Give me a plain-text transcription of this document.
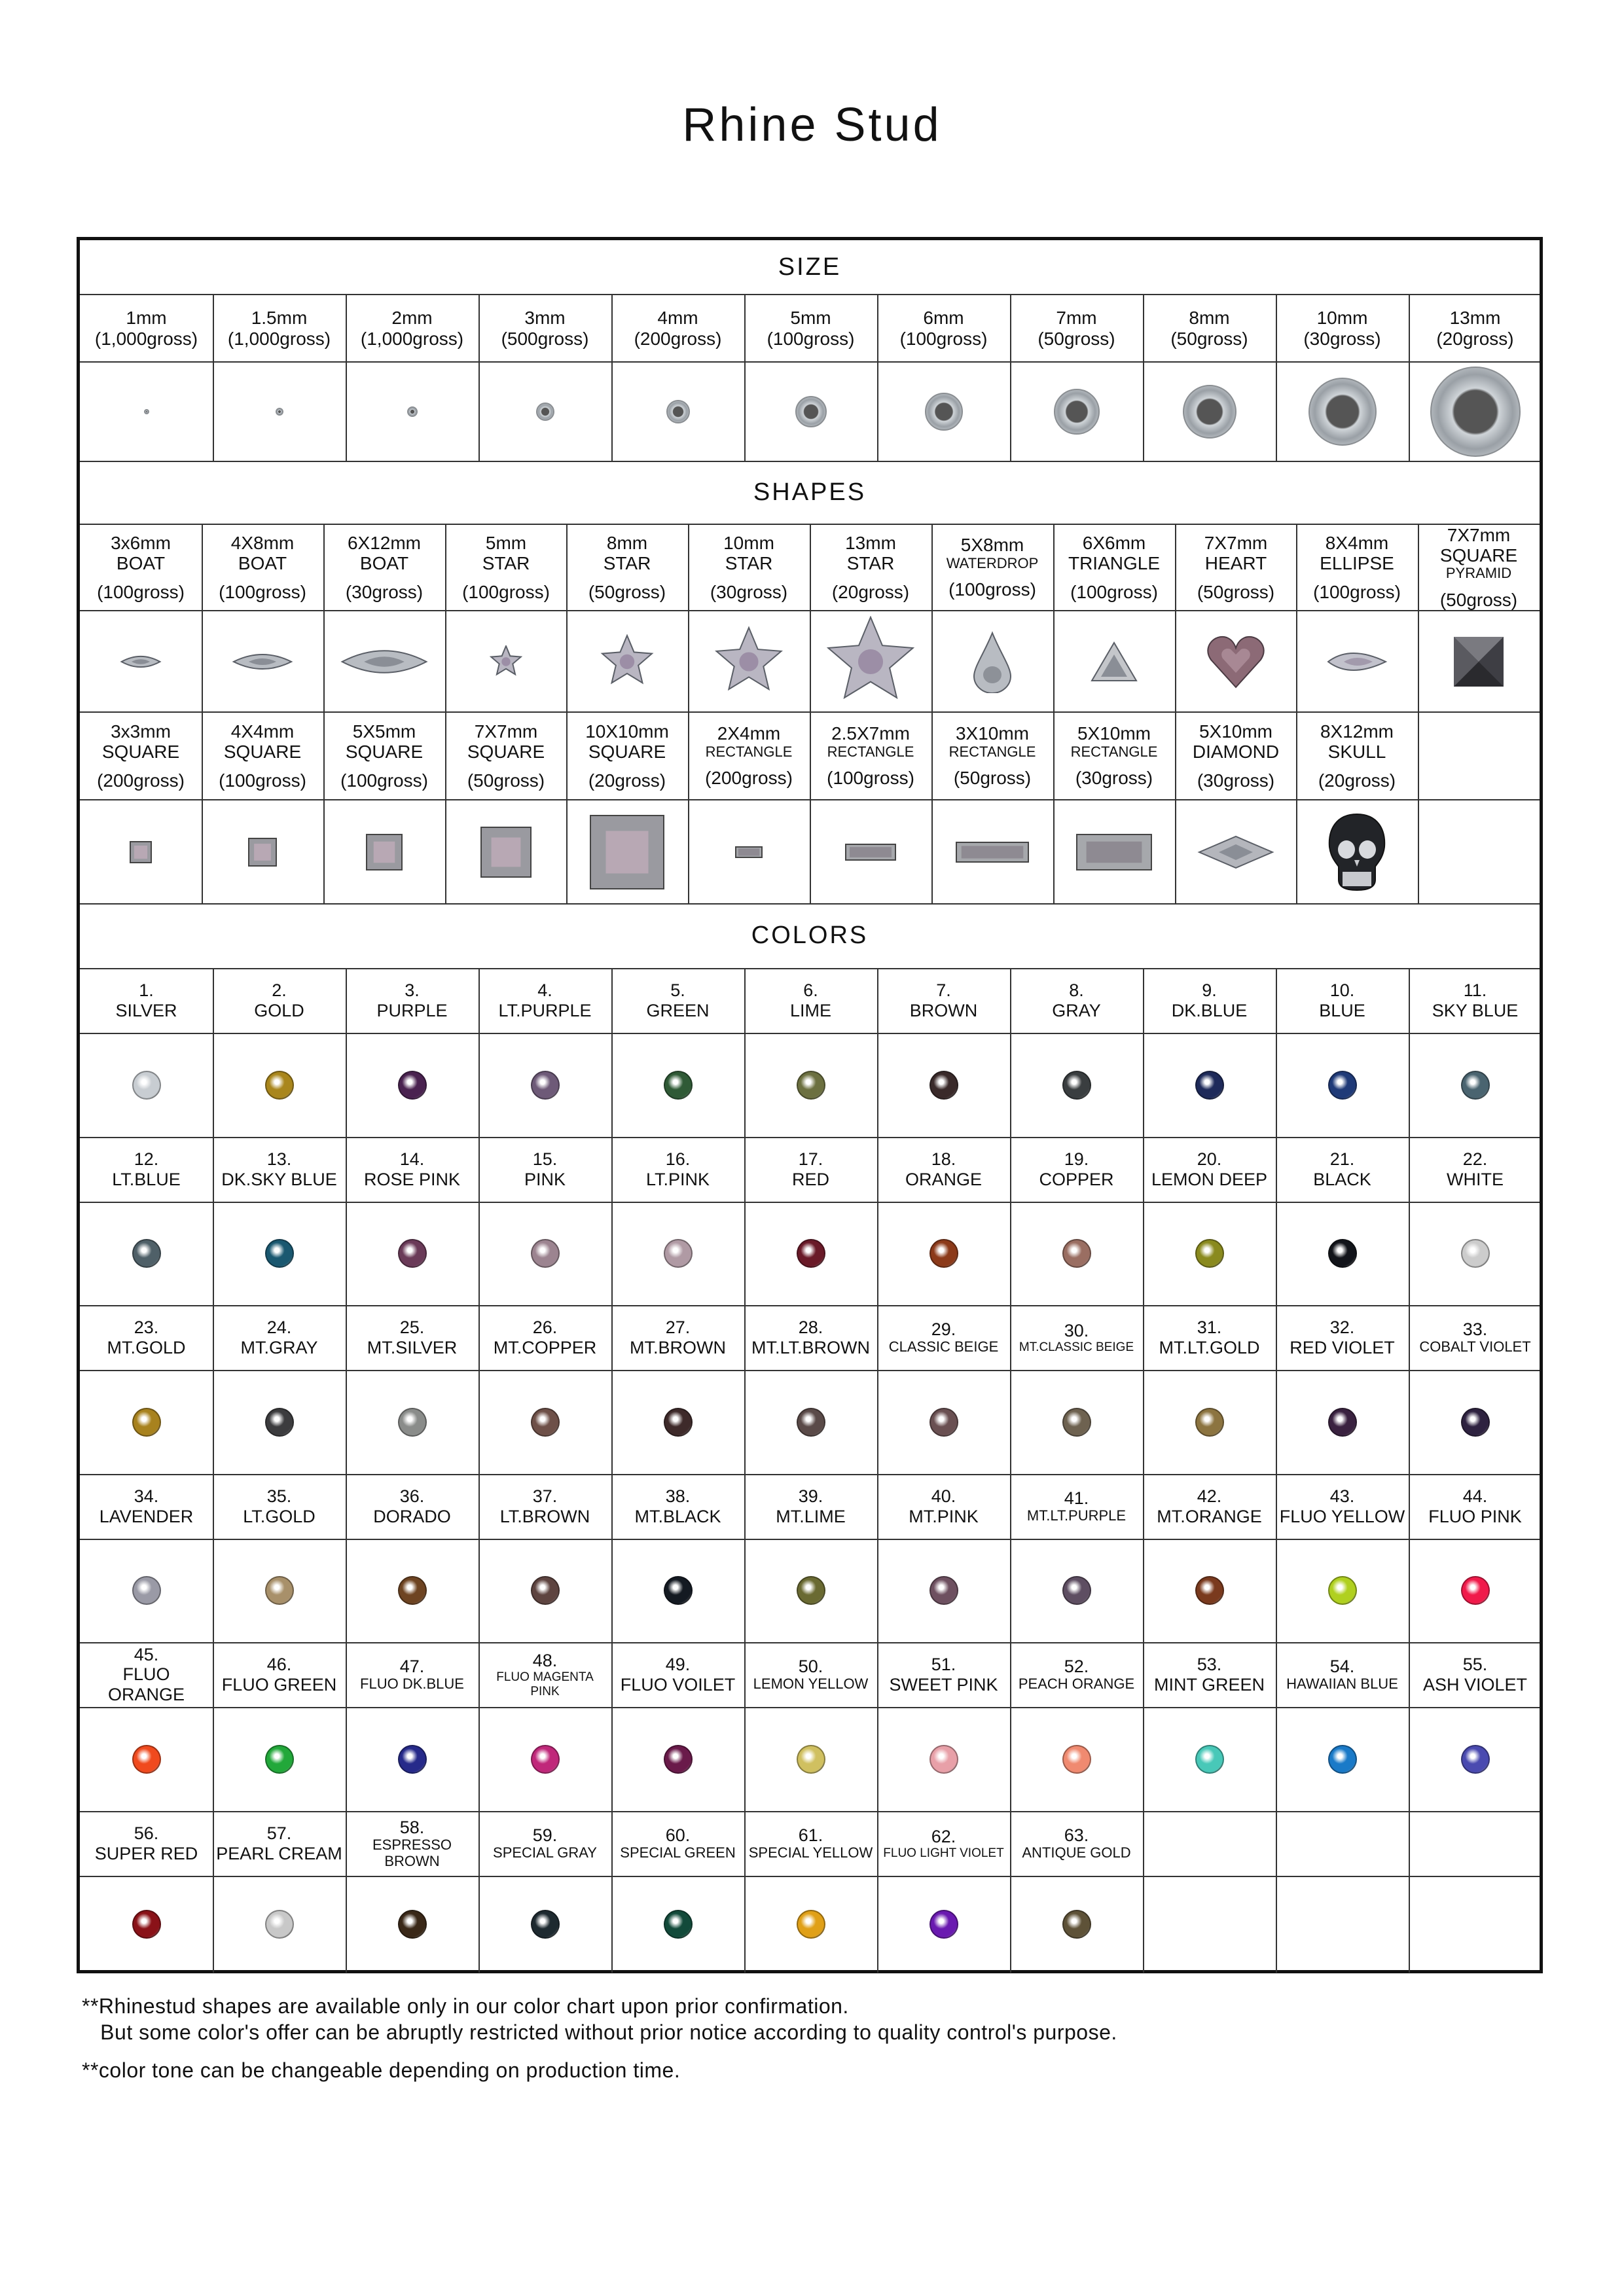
Rhine Stud
SIZE
1mm
(1,000gross)
1.5mm
(1,000gross)
2mm
(1,000gross)
3mm
(500gross)
4mm
(200gross)
5mm
(100gross)
6mm
(100gross)
7mm
(50gross)
8mm
(50gross)
10mm
(30gross)
13mm
(20gross)
SHAPES
3x6mm
BOAT
(100gross)
4X8mm
BOAT
(100gross)
6X12mm
BOAT
(30gross)
5mm
STAR
(100gross)
8mm
STAR
(50gross)
10mm
STAR
(30gross)
13mm
STAR
(20gross)
5X8mm
WATERDROP
(100gross)
6X6mm
TRIANGLE
(100gross)
7X7mm
HEART
(50gross)
8X4mm
ELLIPSE
(100gross)
7X7mm
SQUARE
PYRAMID
(50gross)
3x3mm
SQUARE
(200gross)
4X4mm
SQUARE
(100gross)
5X5mm
SQUARE
(100gross)
7X7mm
SQUARE
(50gross)
10X10mm
SQUARE
(20gross)
2X4mm
RECTANGLE
(200gross)
2.5X7mm
RECTANGLE
(100gross)
3X10mm
RECTANGLE
(50gross)
5X10mm
RECTANGLE
(30gross)
5X10mm
DIAMOND
(30gross)
8X12mm
SKULL
(20gross)
COLORS
1.
SILVER
2.
GOLD
3.
PURPLE
4.
LT.PURPLE
5.
GREEN
6.
LIME
7.
BROWN
8.
GRAY
9.
DK.BLUE
10.
BLUE
11.
SKY BLUE
12.
LT.BLUE
13.
DK.SKY BLUE
14.
ROSE PINK
15.
PINK
16.
LT.PINK
17.
RED
18.
ORANGE
19.
COPPER
20.
LEMON DEEP
21.
BLACK
22.
WHITE
23.
MT.GOLD
24.
MT.GRAY
25.
MT.SILVER
26.
MT.COPPER
27.
MT.BROWN
28.
MT.LT.BROWN
29.
CLASSIC BEIGE
30.
MT.CLASSIC BEIGE
31.
MT.LT.GOLD
32.
RED VIOLET
33.
COBALT VIOLET
34.
LAVENDER
35.
LT.GOLD
36.
DORADO
37.
LT.BROWN
38.
MT.BLACK
39.
MT.LIME
40.
MT.PINK
41.
MT.LT.PURPLE
42.
MT.ORANGE
43.
FLUO YELLOW
44.
FLUO PINK
45.
FLUO ORANGE
46.
FLUO GREEN
47.
FLUO DK.BLUE
48.
FLUO MAGENTA PINK
49.
FLUO VOILET
50.
LEMON YELLOW
51.
SWEET PINK
52.
PEACH ORANGE
53.
MINT GREEN
54.
HAWAIIAN BLUE
55.
ASH VIOLET
56.
SUPER RED
57.
PEARL CREAM
58.
ESPRESSO BROWN
59.
SPECIAL GRAY
60.
SPECIAL GREEN
61.
SPECIAL YELLOW
62.
FLUO LIGHT VIOLET
63.
ANTIQUE GOLD
**Rhinestud shapes are available only in our color chart upon prior confirmation.
But some color's offer can be abruptly restricted without prior notice according to quality control's purpose.
**color tone can be changeable depending on production time.
